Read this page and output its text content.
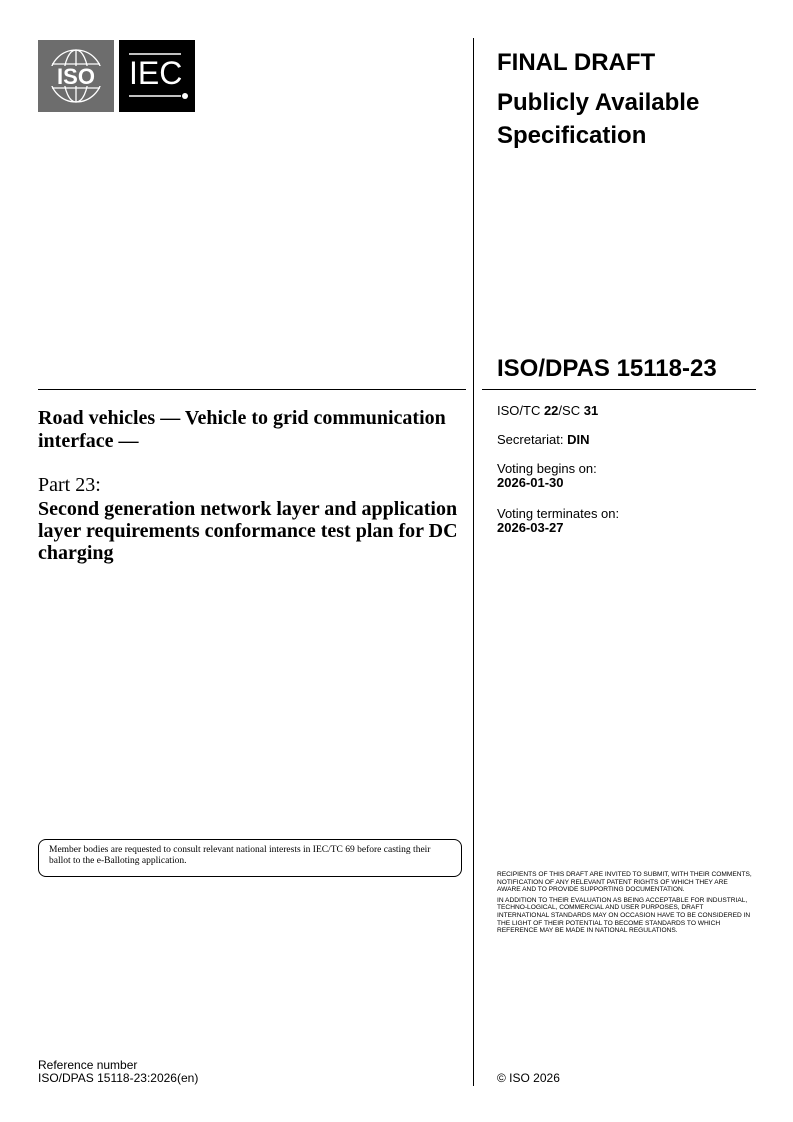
ISO IEC	FINAL DRAFT
Publicly Available Specification
ISO/DPAS 15118-23
ISO/TC 22/SC 31
Secretariat: DIN
Voting begins on:
2026-01-30
Voting terminates on:
2026-03-27
Road vehicles — Vehicle to grid communication interface —
Part 23:
Second generation network layer and application layer requirements conformance test plan for DC charging
Member bodies are requested to consult relevant national interests in IEC/TC 69 before casting their ballot to the e-Balloting application.

RECIPIENTS OF THIS DRAFT ARE INVITED TO SUBMIT, WITH THEIR COMMENTS, NOTIFICATION OF ANY RELEVANT PATENT RIGHTS OF WHICH THEY ARE AWARE AND TO PROVIDE SUPPORTING DOCUMENTATION.

IN ADDITION TO THEIR EVALUATION AS BEING ACCEPTABLE FOR INDUSTRIAL, TECHNO-LOGICAL, COMMERCIAL AND USER PURPOSES, DRAFT INTERNATIONAL STANDARDS MAY ON OCCASION HAVE TO BE CONSIDERED IN THE LIGHT OF THEIR POTENTIAL TO BECOME STANDARDS TO WHICH REFERENCE MAY BE MADE IN NATIONAL REGULATIONS.

Reference number
ISO/DPAS 15118-23:2026(en)	© ISO 2026
